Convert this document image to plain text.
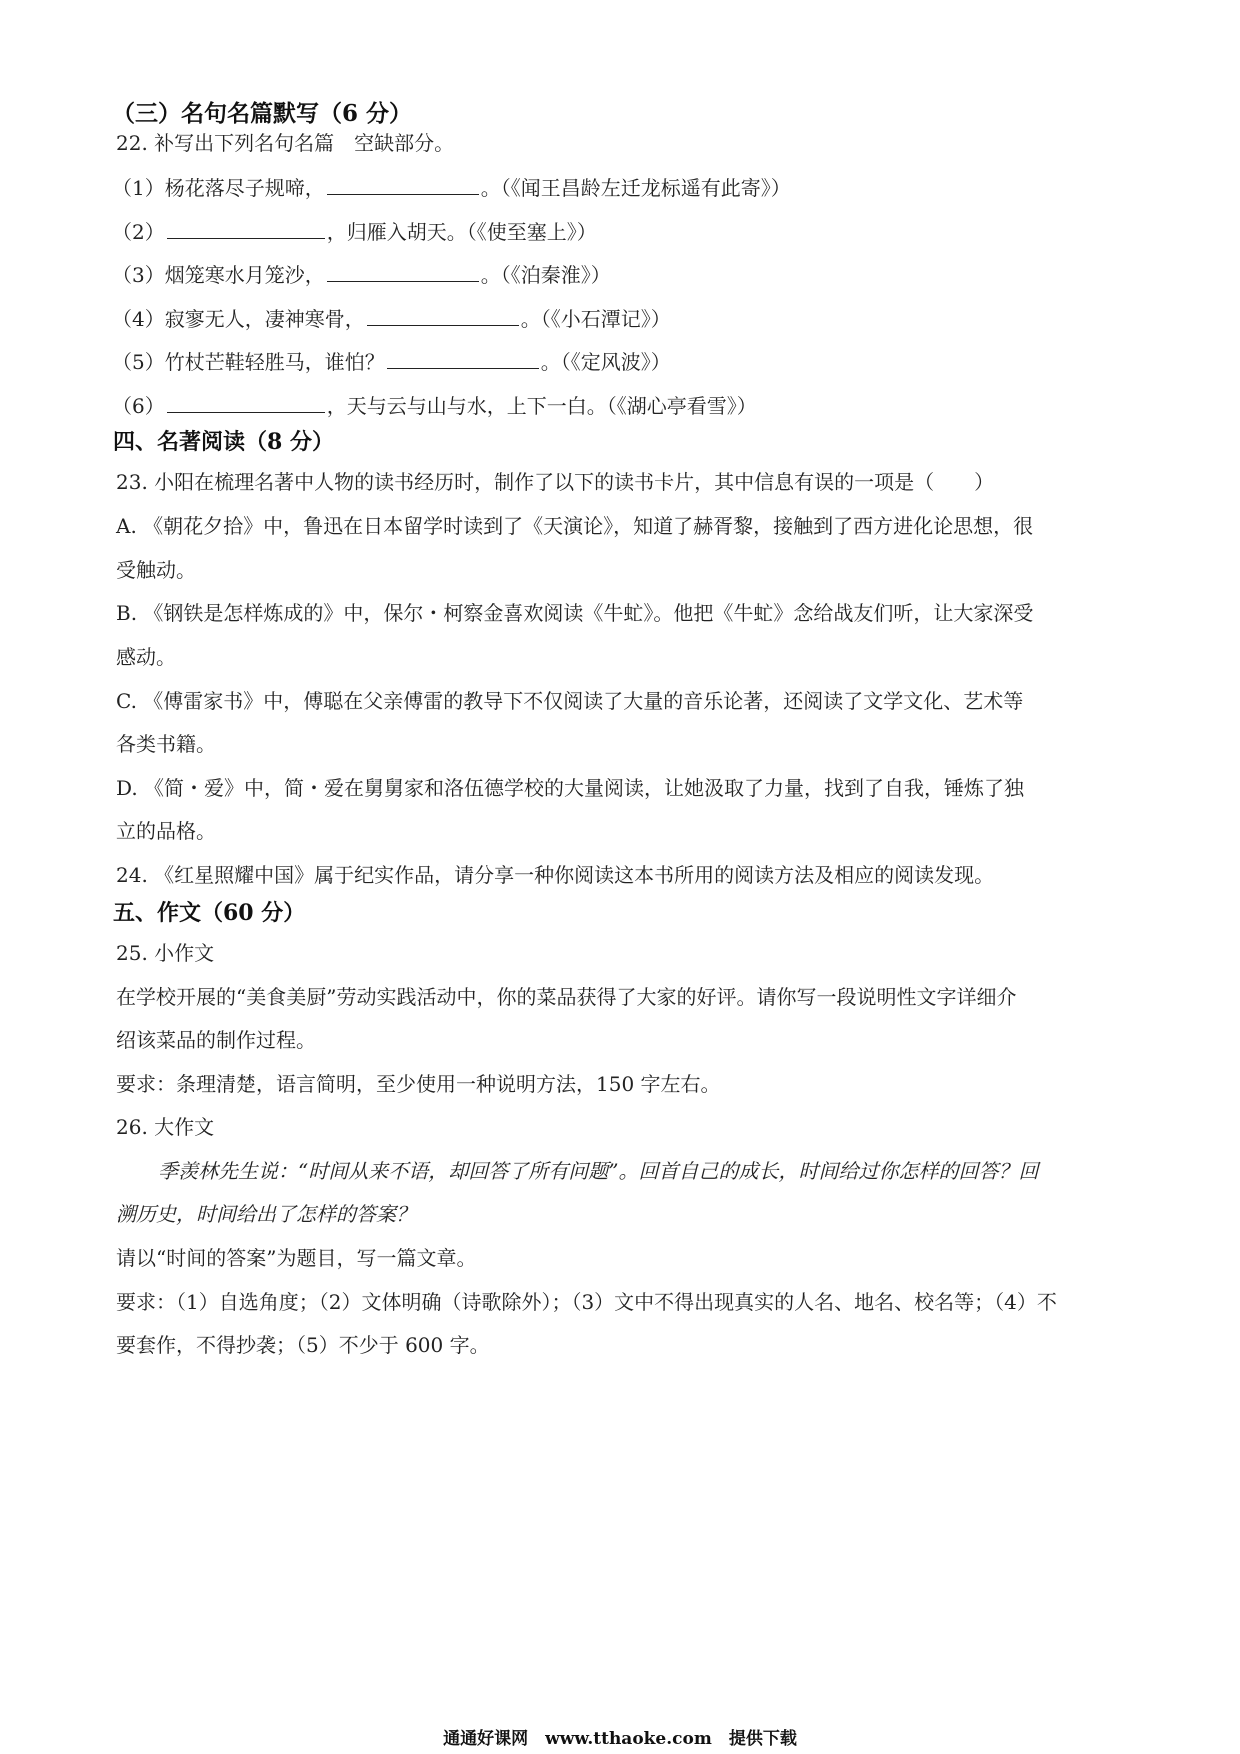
（三）名句名篇默写（6 分）
22. 补写出下列名句名篇　空缺部分。
（1）杨花落尽子规啼，	。（《闻王昌龄左迁龙标遥有此寄》）
（2）	，归雁入胡天。（《使至塞上》）
（3）烟笼寒水月笼沙，	。（《泊秦淮》）
（4）寂寥无人，凄神寒骨，	。（《小石潭记》）
（5）竹杖芒鞋轻胜马，谁怕？	。（《定风波》）
（6）	，天与云与山与水，上下一白。（《湖心亭看雪》）
四、名著阅读（8 分）
23. 小阳在梳理名著中人物的读书经历时，制作了以下的读书卡片，其中信息有误的一项是（　　）
A. 《朝花夕拾》中，鲁迅在日本留学时读到了《天演论》，知道了赫胥黎，接触到了西方进化论思想，很
受触动。
B. 《钢铁是怎样炼成的》中，保尔・柯察金喜欢阅读《牛虻》。他把《牛虻》念给战友们听，让大家深受
感动。
C. 《傅雷家书》中，傅聪在父亲傅雷的教导下不仅阅读了大量的音乐论著，还阅读了文学文化、艺术等
各类书籍。
D. 《简・爱》中，简・爱在舅舅家和洛伍德学校的大量阅读，让她汲取了力量，找到了自我，锤炼了独
立的品格。
24. 《红星照耀中国》属于纪实作品，请分享一种你阅读这本书所用的阅读方法及相应的阅读发现。
五、作文（60 分）
25. 小作文
在学校开展的“美食美厨”劳动实践活动中，你的菜品获得了大家的好评。请你写一段说明性文字详细介
绍该菜品的制作过程。
要求：条理清楚，语言简明，至少使用一种说明方法，150 字左右。
26. 大作文
季羡林先生说：“时间从来不语，却回答了所有问题”。回首自己的成长，时间给过你怎样的回答？回
溯历史，时间给出了怎样的答案？
请以“时间的答案”为题目，写一篇文章。
要求：（1）自选角度；（2）文体明确（诗歌除外）；（3）文中不得出现真实的人名、地名、校名等；（4）不
要套作，不得抄袭；（5）不少于 600 字。
通通好课网　www.tthaoke.com　提供下载
